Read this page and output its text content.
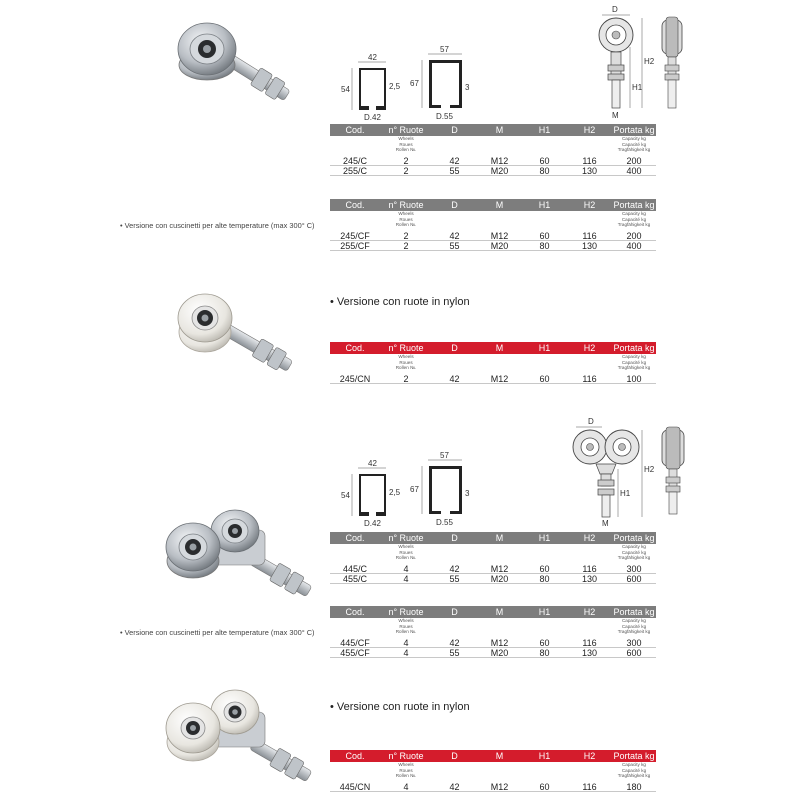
42
54	2,5
D.42
57
67	3
D.55
42
54	2,5
D.42
57
67	3
D.55
D
H1
H2
M
D
H1
H2
M
• Versione con cuscinetti per alte temperature (max 300° C)
• Versione con ruote in nylon
• Versione con cuscinetti per alte temperature (max 300° C)
• Versione con ruote in nylon
Cod.	n° Ruote	D	M	H1	H2	Portata kg
Wheels
Roues
Rollen №.
Capacity kg
Capacité kg
Tragfähigkeit kg
245/C	2	42	M12	60	116	200
255/C	2	55	M20	80	130	400
Cod.	n° Ruote	D	M	H1	H2	Portata kg
Wheels
Roues
Rollen №.
Capacity kg
Capacité kg
Tragfähigkeit kg
245/CF	2	42	M12	60	116	200
255/CF	2	55	M20	80	130	400
Cod.	n° Ruote	D	M	H1	H2	Portata kg
Wheels
Roues
Rollen №.
Capacity kg
Capacité kg
Tragfähigkeit kg
245/CN	2	42	M12	60	116	100
Cod.	n° Ruote	D	M	H1	H2	Portata kg
Wheels
Roues
Rollen №.
Capacity kg
Capacité kg
Tragfähigkeit kg
445/C	4	42	M12	60	116	300
455/C	4	55	M20	80	130	600
Cod.	n° Ruote	D	M	H1	H2	Portata kg
Wheels
Roues
Rollen №.
Capacity kg
Capacité kg
Tragfähigkeit kg
445/CF	4	42	M12	60	116	300
455/CF	4	55	M20	80	130	600
Cod.	n° Ruote	D	M	H1	H2	Portata kg
Wheels
Roues
Rollen №.
Capacity kg
Capacité kg
Tragfähigkeit kg
445/CN	4	42	M12	60	116	180
